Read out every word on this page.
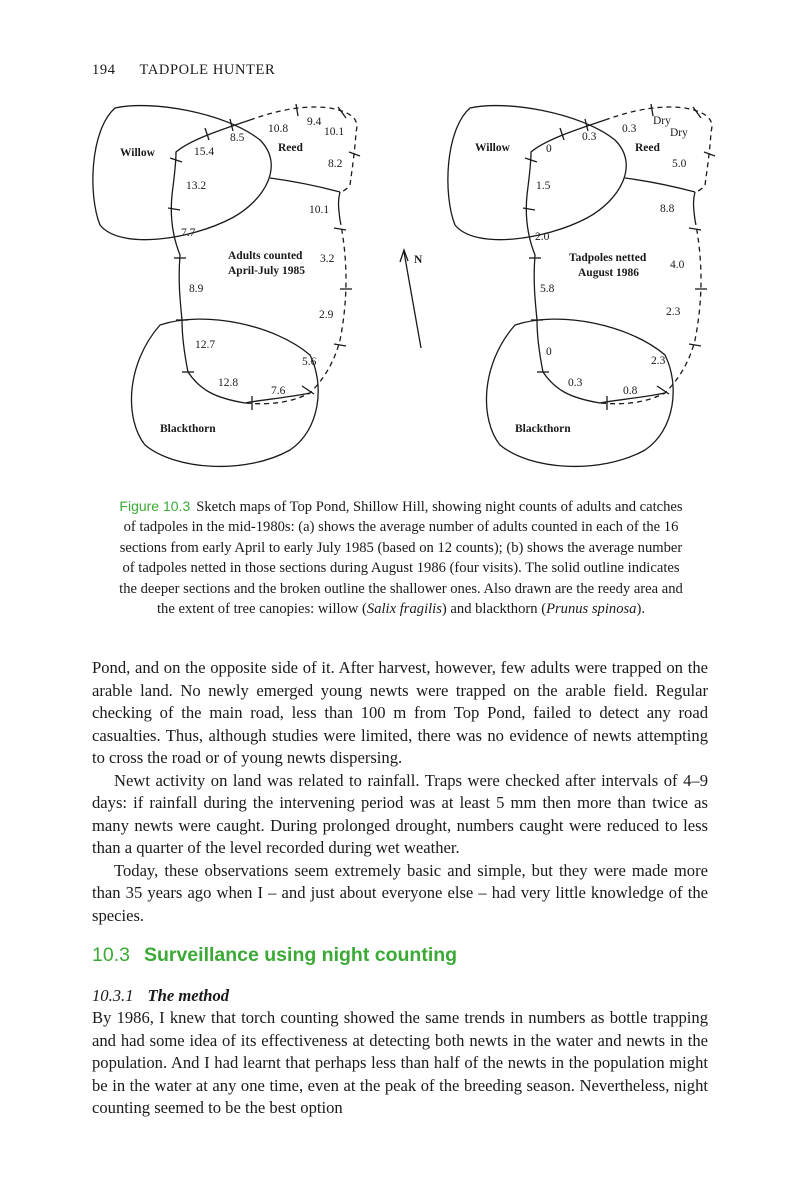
194 TADPOLE HUNTER
Willow	Reed
Blackthorn
Adults counted
April-July 1985
8.5
10.8
9.4
10.1
8.2
15.4
13.2
10.1
7.7
3.2
8.9
2.9
12.7
5.6
12.8
7.6
N
Willow	Reed
Blackthorn
Tadpoles netted
August 1986
0.3
0.3
Dry
Dry
0
5.0
1.5
8.8
2.0
4.0
5.8
2.3
0
2.3
0.3
0.8
Figure 10.3 Sketch maps of Top Pond, Shillow Hill, showing night counts of adults and catches of tadpoles in the mid-1980s: (a) shows the average number of adults counted in each of the 16 sections from early April to early July 1985 (based on 12 counts); (b) shows the average number of tadpoles netted in those sections during August 1986 (four visits). The solid outline indicates the deeper sections and the broken outline the shallower ones. Also drawn are the reedy area and the extent of tree canopies: willow (Salix fragilis) and blackthorn (Prunus spinosa).

Pond, and on the opposite side of it. After harvest, however, few adults were trapped on the arable land. No newly emerged young newts were trapped on the arable field. Regular checking of the main road, less than 100 m from Top Pond, failed to detect any road casualties. Thus, although studies were limited, there was no evidence of newts attempting to cross the road or of young newts dispersing.

Newt activity on land was related to rainfall. Traps were checked after intervals of 4–9 days: if rainfall during the intervening period was at least 5 mm then more than twice as many newts were caught. During prolonged drought, numbers caught were reduced to less than a quarter of the level recorded during wet weather.

Today, these observations seem extremely basic and simple, but they were made more than 35 years ago when I – and just about everyone else – had very little knowledge of the species.

10.3 Surveillance using night counting
10.3.1 The method

By 1986, I knew that torch counting showed the same trends in numbers as bottle trapping and had some idea of its effectiveness at detecting both newts in the water and newts in the population. And I had learnt that perhaps less than half of the newts in the population might be in the water at any one time, even at the peak of the breeding season. Nevertheless, night counting seemed to be the best option
